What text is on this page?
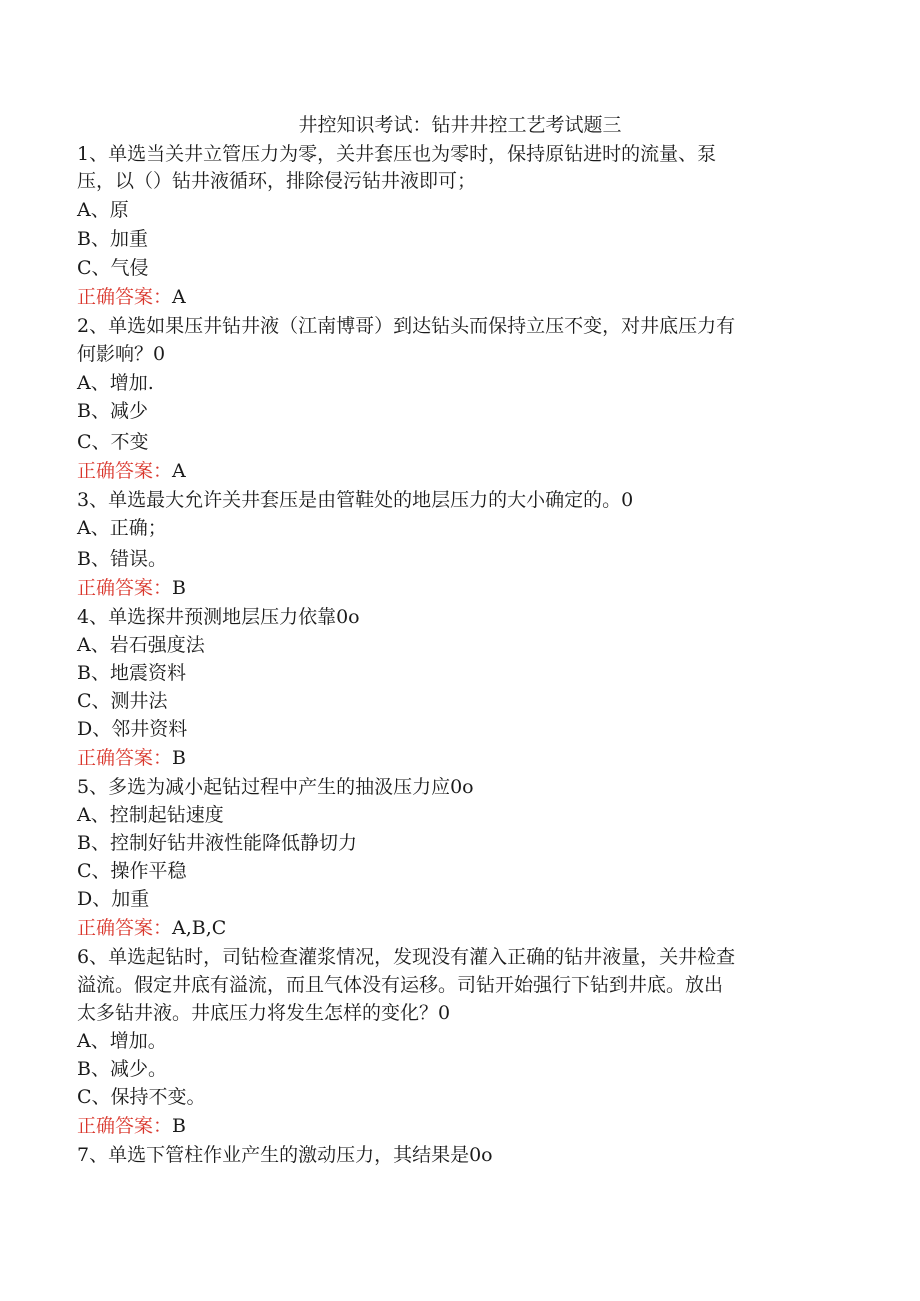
井控知识考试：钻井井控工艺考试题三
1、单选当关井立管压力为零，关井套压也为零时，保持原钻进时的流量、泵
压，以（）钻井液循环，排除侵污钻井液即可；
A、原
B、加重
C、气侵
正确答案：A
2、单选如果压井钻井液（江南博哥）到达钻头而保持立压不变，对井底压力有
何影响？0
A、增加.
B、减少
C、不变
正确答案：A
3、单选最大允许关井套压是由管鞋处的地层压力的大小确定的。0
A、正确；
B、错误。
正确答案：B
4、单选探井预测地层压力依靠0o
A、岩石强度法
B、地震资料
C、测井法
D、邻井资料
正确答案：B
5、多选为减小起钻过程中产生的抽汲压力应0o
A、控制起钻速度
B、控制好钻井液性能降低静切力
C、操作平稳
D、加重
正确答案：A,B,C
6、单选起钻时，司钻检查灌浆情况，发现没有灌入正确的钻井液量，关井检查
溢流。假定井底有溢流，而且气体没有运移。司钻开始强行下钻到井底。放出
太多钻井液。井底压力将发生怎样的变化？0
A、增加。
B、减少。
C、保持不变。
正确答案：B
7、单选下管柱作业产生的激动压力，其结果是0o
